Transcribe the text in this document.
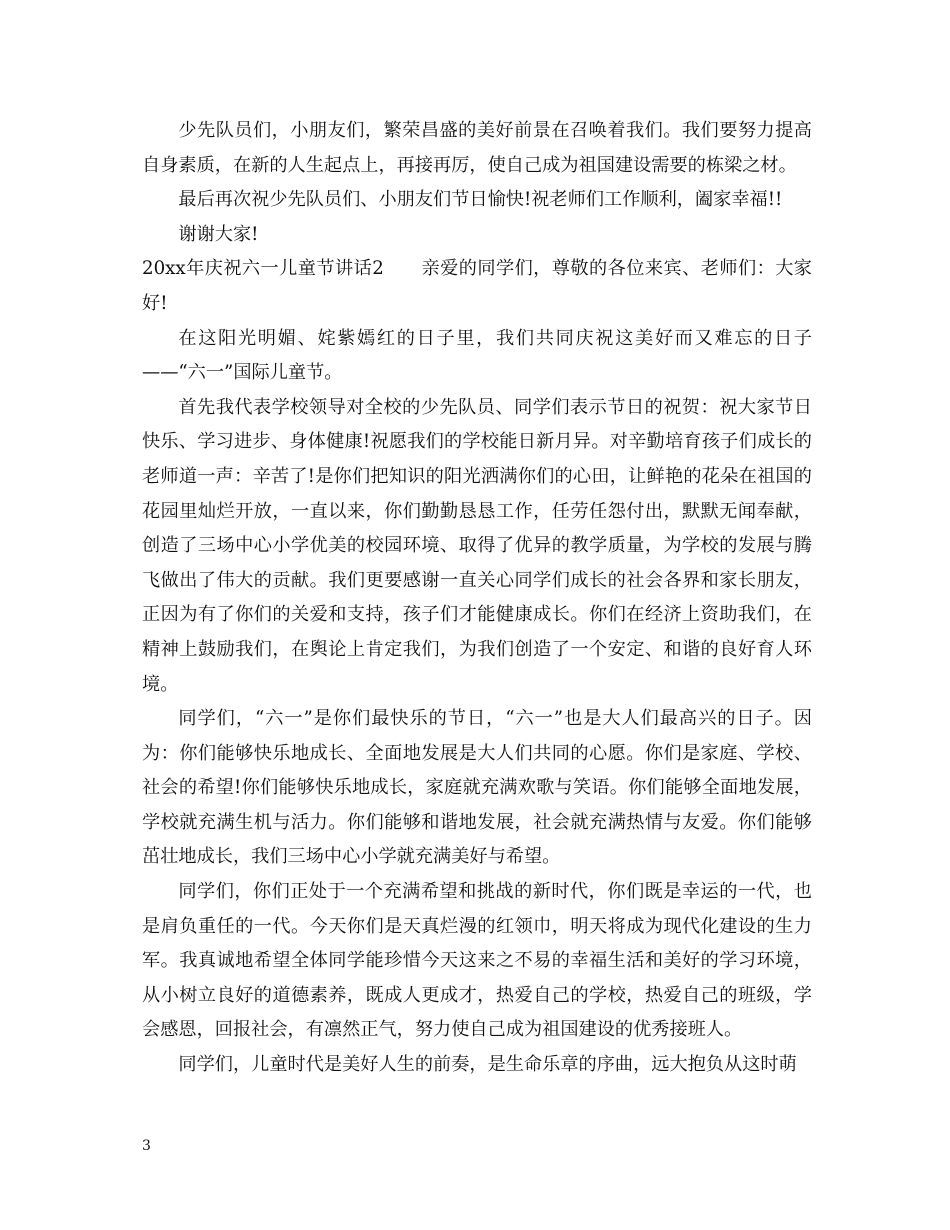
少先队员们，小朋友们，繁荣昌盛的美好前景在召唤着我们。我们要努力提高自身素质，在新的人生起点上，再接再厉，使自己成为祖国建设需要的栋梁之材。

最后再次祝少先队员们、小朋友们节日愉快!祝老师们工作顺利，阖家幸福!!

谢谢大家!

20xx年庆祝六一儿童节讲话2　　亲爱的同学们，尊敬的各位来宾、老师们：大家好!

在这阳光明媚、姹紫嫣红的日子里，我们共同庆祝这美好而又难忘的日子——“六一”国际儿童节。

首先我代表学校领导对全校的少先队员、同学们表示节日的祝贺：祝大家节日快乐、学习进步、身体健康!祝愿我们的学校能日新月异。对辛勤培育孩子们成长的老师道一声：辛苦了!是你们把知识的阳光洒满你们的心田，让鲜艳的花朵在祖国的花园里灿烂开放，一直以来，你们勤勤恳恳工作，任劳任怨付出，默默无闻奉献，创造了三场中心小学优美的校园环境、取得了优异的教学质量，为学校的发展与腾飞做出了伟大的贡献。我们更要感谢一直关心同学们成长的社会各界和家长朋友，正因为有了你们的关爱和支持，孩子们才能健康成长。你们在经济上资助我们，在精神上鼓励我们，在舆论上肯定我们，为我们创造了一个安定、和谐的良好育人环境。

同学们，“六一”是你们最快乐的节日，“六一”也是大人们最高兴的日子。因为：你们能够快乐地成长、全面地发展是大人们共同的心愿。你们是家庭、学校、社会的希望!你们能够快乐地成长，家庭就充满欢歌与笑语。你们能够全面地发展，学校就充满生机与活力。你们能够和谐地发展，社会就充满热情与友爱。你们能够茁壮地成长，我们三场中心小学就充满美好与希望。

同学们，你们正处于一个充满希望和挑战的新时代，你们既是幸运的一代，也是肩负重任的一代。今天你们是天真烂漫的红领巾，明天将成为现代化建设的生力军。我真诚地希望全体同学能珍惜今天这来之不易的幸福生活和美好的学习环境，从小树立良好的道德素养，既成人更成才，热爱自己的学校，热爱自己的班级，学会感恩，回报社会，有凛然正气，努力使自己成为祖国建设的优秀接班人。

同学们，儿童时代是美好人生的前奏，是生命乐章的序曲，远大抱负从这时萌

3
